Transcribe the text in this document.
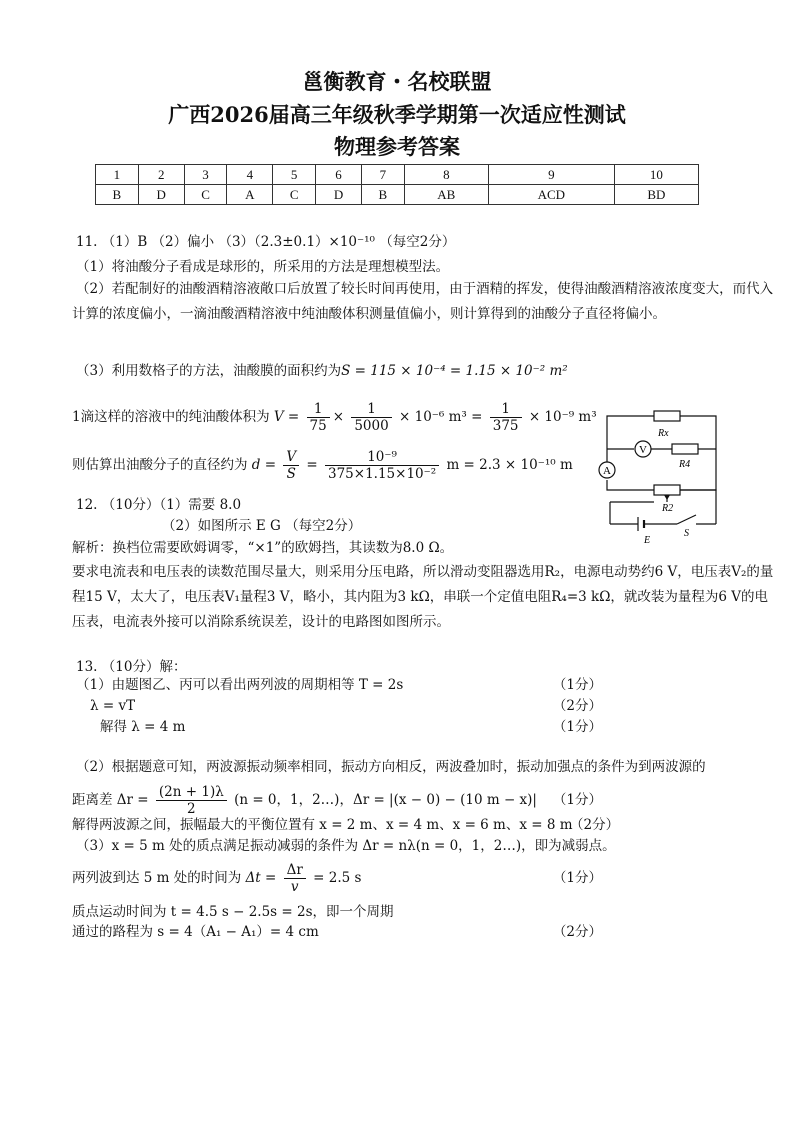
邕衡教育・名校联盟
广西2026届高三年级秋季学期第一次适应性测试
物理参考答案
1	2	3	4	5	6	7	8	9	10
B	D	C	A	C	D	B	AB	ACD	BD
11. （1）B （2）偏小 （3）（2.3±0.1）×10⁻¹⁰ （每空2分）
（1）将油酸分子看成是球形的，所采用的方法是理想模型法。
（2）若配制好的油酸酒精溶液敞口后放置了较长时间再使用，由于酒精的挥发，使得油酸酒精溶液浓度变大，而代入计算的浓度偏小，一滴油酸酒精溶液中纯油酸体积测量值偏小，则计算得到的油酸分子直径将偏小。
（3）利用数格子的方法，油酸膜的面积约为S = 115 × 10⁻⁴ = 1.15 × 10⁻² m²
1滴这样的溶液中的纯油酸体积为 $V = \frac{1}{75} \times \frac{1}{5000} \times 10^{-6}$ $m^3 = \frac{1}{375} \times 10^{-9}$ m³
则估算出油酸分子的直径约为 $d = \frac{V}{S} = \frac{\text{10⁻⁹}}{\text{375×1.15×10⁻²}}$ m = 2.3 × 10⁻¹⁰ m	A
V
Rx
R4
R2
E
S
12. （10分）（1）需要 8.0
（2）如图所示 E G （每空2分）
解析：换档位需要欧姆调零，“×1”的欧姆挡，其读数为8.0 Ω。
要求电流表和电压表的读数范围尽量大，则采用分压电路，所以滑动变阻器选用R₂，电源电动势约6 V，电压表V₂的量程15 V，太大了，电压表V₁量程3 V，略小，其内阻为3 kΩ，串联一个定值电阻R₄=3 kΩ，就改装为量程为6 V的电压表，电流表外接可以消除系统误差，设计的电路图如图所示。
13. （10分）解：
（1）由题图乙、丙可以看出两列波的周期相等 T = 2s	（1分）
λ = vT	（2分）
解得 λ = 4 m	（1分）
（2）根据题意可知，两波源振动频率相同，振动方向相反，两波叠加时，振动加强点的条件为到两波源的
距离差 $\Delta r = \frac{(2n + 1)\lambda}{2} (n = 0$，1，2…)，Δr = |(x − 0) − (10 m − x)| （1分）
解得两波源之间，振幅最大的平衡位置有 x = 2 m、x = 4 m、x = 6 m、x = 8 m
（2分）
（3）x = 5 m 处的质点满足振动减弱的条件为 Δr = nλ(n = 0，1，2…)，即为减弱点。
两列波到达 5 m 处的时间为 $\Delta t = \frac{\Delta r}{v} = 2.5$ s	（1分）
质点运动时间为 t = 4.5 s − 2.5s = 2s，即一个周期
通过的路程为 s = 4（A₁ − A₁）= 4 cm	（2分）
